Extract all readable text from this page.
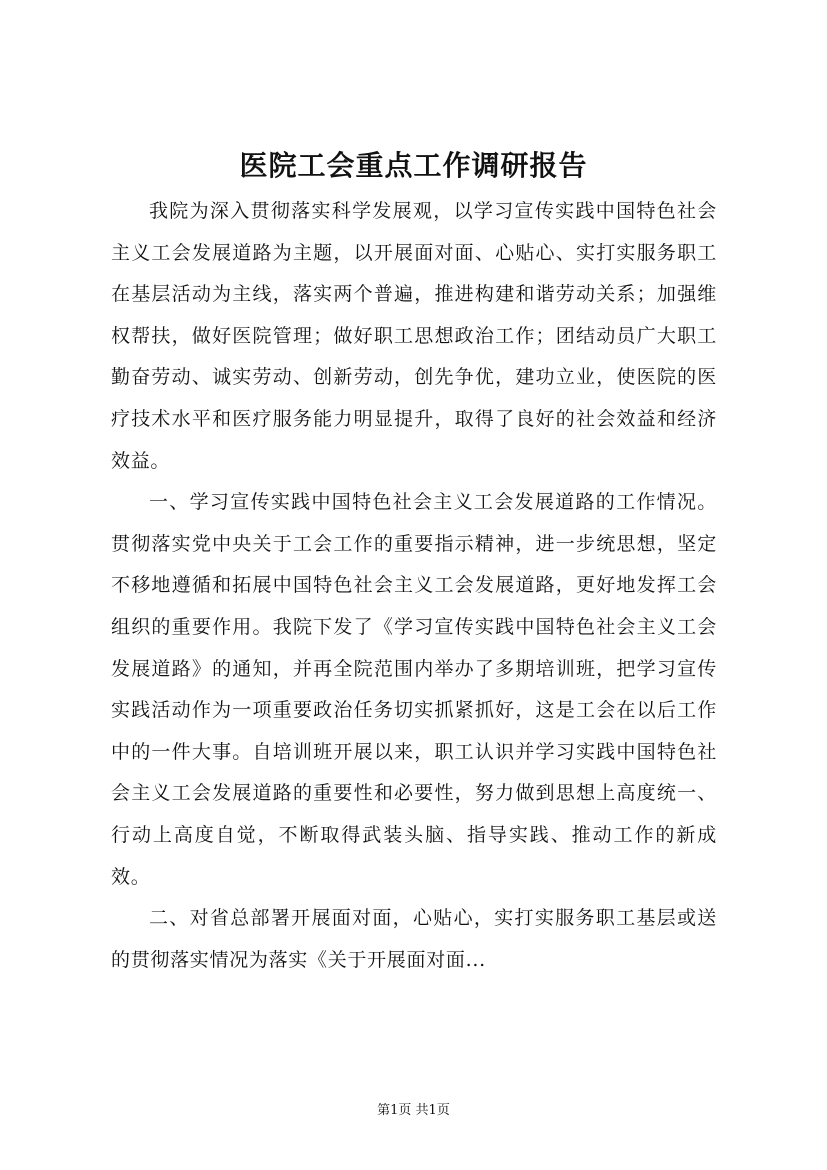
医院工会重点工作调研报告

我院为深入贯彻落实科学发展观，以学习宣传实践中国特色社会主义工会发展道路为主题，以开展面对面、心贴心、实打实服务职工在基层活动为主线，落实两个普遍，推进构建和谐劳动关系；加强维权帮扶，做好医院管理；做好职工思想政治工作；团结动员广大职工勤奋劳动、诚实劳动、创新劳动，创先争优，建功立业，使医院的医疗技术水平和医疗服务能力明显提升，取得了良好的社会效益和经济效益。

一、学习宣传实践中国特色社会主义工会发展道路的工作情况。贯彻落实党中央关于工会工作的重要指示精神，进一步统思想，坚定不移地遵循和拓展中国特色社会主义工会发展道路，更好地发挥工会组织的重要作用。我院下发了《学习宣传实践中国特色社会主义工会发展道路》的通知，并再全院范围内举办了多期培训班，把学习宣传实践活动作为一项重要政治任务切实抓紧抓好，这是工会在以后工作中的一件大事。自培训班开展以来，职工认识并学习实践中国特色社会主义工会发展道路的重要性和必要性，努力做到思想上高度统一、行动上高度自觉，不断取得武装头脑、指导实践、推动工作的新成效。

二、对省总部署开展面对面，心贴心，实打实服务职工基层或送的贯彻落实情况为落实《关于开展面对面...

第1页 共1页
